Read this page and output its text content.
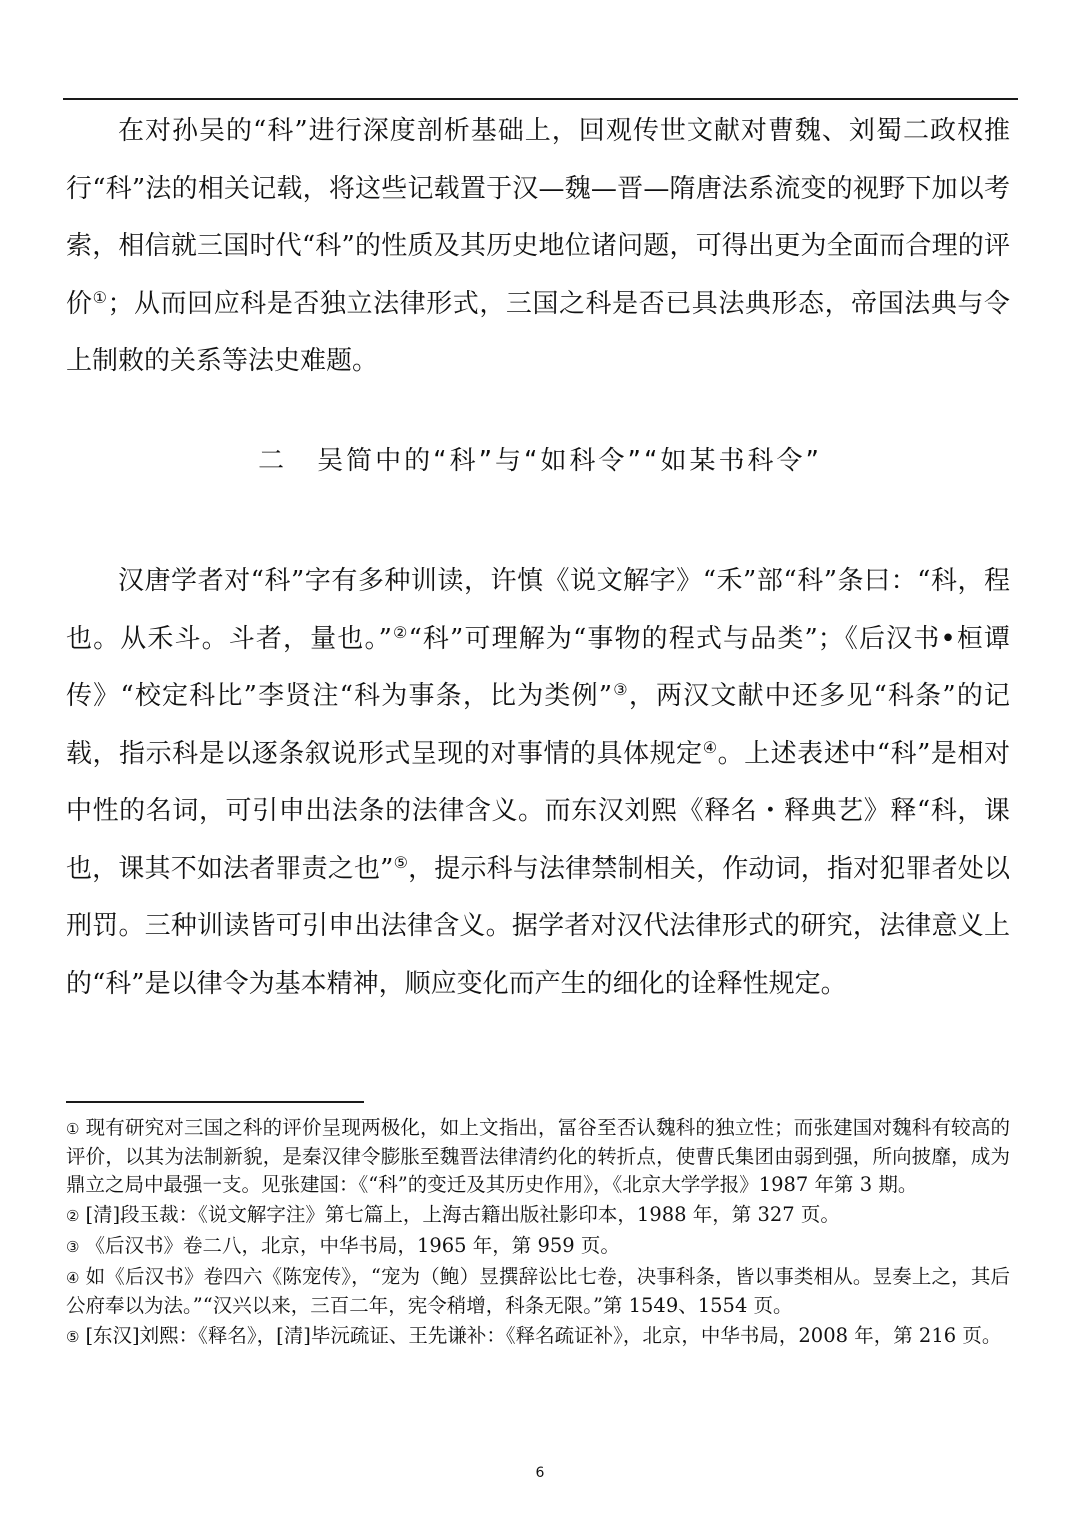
在对孙吴的“科”进行深度剖析基础上，回观传世文献对曹魏、刘蜀二政权推行“科”法的相关记载，将这些记载置于汉—魏—晋—隋唐法系流变的视野下加以考索，相信就三国时代“科”的性质及其历史地位诸问题，可得出更为全面而合理的评价①；从而回应科是否独立法律形式，三国之科是否已具法典形态，帝国法典与令上制敕的关系等法史难题。

二 吴简中的“科”与“如科令”“如某书科令”

汉唐学者对“科”字有多种训读，许慎《说文解字》“禾”部“科”条曰：“科，程也。从禾斗。斗者，量也。”②“科”可理解为“事物的程式与品类”；《后汉书•桓谭传》“校定科比”李贤注“科为事条，比为类例”③，两汉文献中还多见“科条”的记载，指示科是以逐条叙说形式呈现的对事情的具体规定④。上述表述中“科”是相对中性的名词，可引申出法条的法律含义。而东汉刘熙《释名・释典艺》释“科，课也，课其不如法者罪责之也”⑤，提示科与法律禁制相关，作动词，指对犯罪者处以刑罚。三种训读皆可引申出法律含义。据学者对汉代法律形式的研究，法律意义上的“科”是以律令为基本精神，顺应变化而产生的细化的诠释性规定。

① 现有研究对三国之科的评价呈现两极化，如上文指出，冨谷至否认魏科的独立性；而张建国对魏科有较高的评价，以其为法制新貌，是秦汉律令膨胀至魏晋法律清约化的转折点，使曹氏集团由弱到强，所向披靡，成为鼎立之局中最强一支。见张建国：《“科”的变迁及其历史作用》，《北京大学学报》1987 年第 3 期。

② [清]段玉裁：《说文解字注》第七篇上，上海古籍出版社影印本，1988 年，第 327 页。

③ 《后汉书》卷二八，北京，中华书局，1965 年，第 959 页。

④ 如《后汉书》卷四六《陈宠传》，“宠为（鲍）昱撰辞讼比七卷，决事科条，皆以事类相从。昱奏上之，其后公府奉以为法。”“汉兴以来，三百二年，宪令稍增，科条无限。”第 1549、1554 页。

⑤ [东汉]刘熙：《释名》，[清]毕沅疏证、王先谦补：《释名疏证补》，北京，中华书局，2008 年，第 216 页。

6
